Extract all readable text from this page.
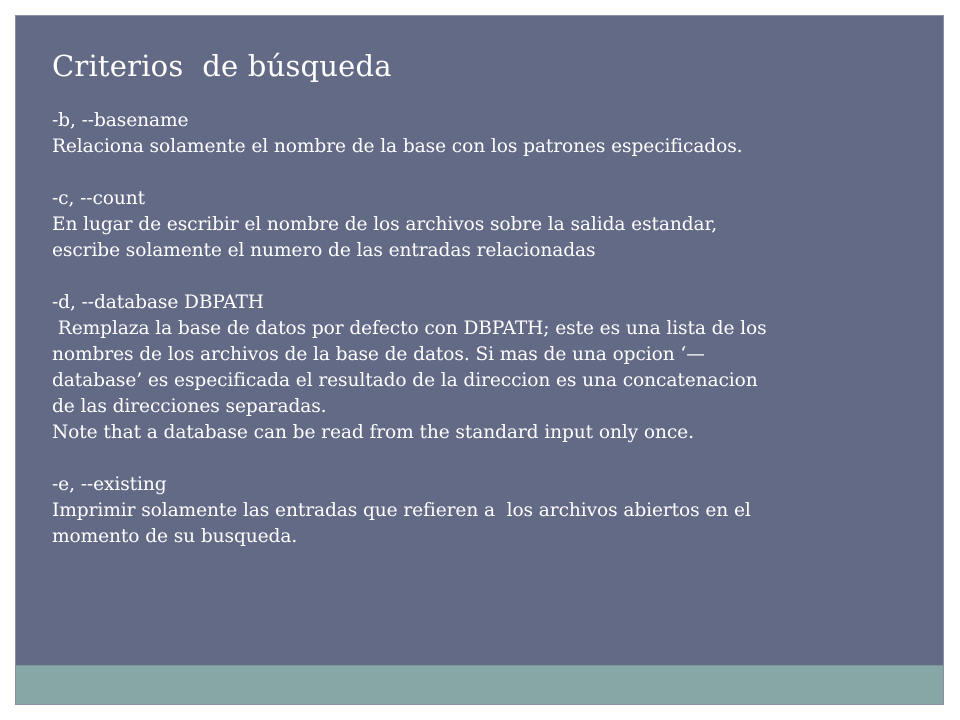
Criterios  de búsqueda
-b, --basename
Relaciona solamente el nombre de la base con los patrones especificados.
-c, --count
En lugar de escribir el nombre de los archivos sobre la salida estandar,
escribe solamente el numero de las entradas relacionadas
-d, --database DBPATH
Remplaza la base de datos por defecto con DBPATH; este es una lista de los
nombres de los archivos de la base de datos. Si mas de una opcion ‘—
database’ es especificada el resultado de la direccion es una concatenacion
de las direcciones separadas.
Note that a database can be read from the standard input only once.
-e, --existing
Imprimir solamente las entradas que refieren a  los archivos abiertos en el
momento de su busqueda.
